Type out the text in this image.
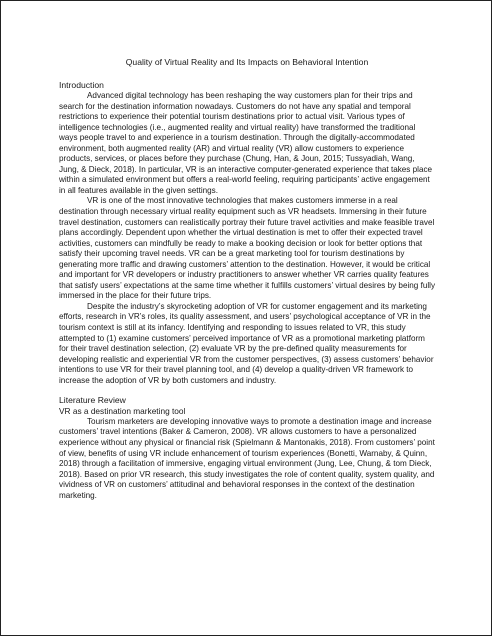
Quality of Virtual Reality and Its Impacts on Behavioral Intention

Introduction

Advanced digital technology has been reshaping the way customers plan for their trips and search for the destination information nowadays. Customers do not have any spatial and temporal restrictions to experience their potential tourism destinations prior to actual visit. Various types of intelligence technologies (i.e., augmented reality and virtual reality) have transformed the traditional ways people travel to and experience in a tourism destination. Through the digitally-accommodated environment, both augmented reality (AR) and virtual reality (VR) allow customers to experience products, services, or places before they purchase (Chung, Han, & Joun, 2015; Tussyadiah, Wang, Jung, & Dieck, 2018). In particular, VR is an interactive computer-generated experience that takes place within a simulated environment but offers a real-world feeling, requiring participants’ active engagement in all features available in the given settings.

VR is one of the most innovative technologies that makes customers immerse in a real destination through necessary virtual reality equipment such as VR headsets. Immersing in their future travel destination, customers can realistically portray their future travel activities and make feasible travel plans accordingly. Dependent upon whether the virtual destination is met to offer their expected travel activities, customers can mindfully be ready to make a booking decision or look for better options that satisfy their upcoming travel needs. VR can be a great marketing tool for tourism destinations by generating more traffic and drawing customers’ attention to the destination. However, it would be critical and important for VR developers or industry practitioners to answer whether VR carries quality features that satisfy users’ expectations at the same time whether it fulfills customers’ virtual desires by being fully immersed in the place for their future trips.

Despite the industry’s skyrocketing adoption of VR for customer engagement and its marketing efforts, research in VR’s roles, its quality assessment, and users’ psychological acceptance of VR in the tourism context is still at its infancy. Identifying and responding to issues related to VR, this study attempted to (1) examine customers’ perceived importance of VR as a promotional marketing platform for their travel destination selection, (2) evaluate VR by the pre-defined quality measurements for developing realistic and experiential VR from the customer perspectives, (3) assess customers’ behavior intentions to use VR for their travel planning tool, and (4) develop a quality-driven VR framework to increase the adoption of VR by both customers and industry.

Literature Review

VR as a destination marketing tool

Tourism marketers are developing innovative ways to promote a destination image and increase customers’ travel intentions (Baker & Cameron, 2008). VR allows customers to have a personalized experience without any physical or financial risk (Spielmann & Mantonakis, 2018). From customers’ point of view, benefits of using VR include enhancement of tourism experiences (Bonetti, Warnaby, & Quinn, 2018) through a facilitation of immersive, engaging virtual environment (Jung, Lee, Chung, & tom Dieck, 2018). Based on prior VR research, this study investigates the role of content quality, system quality, and vividness of VR on customers’ attitudinal and behavioral responses in the context of the destination marketing.
